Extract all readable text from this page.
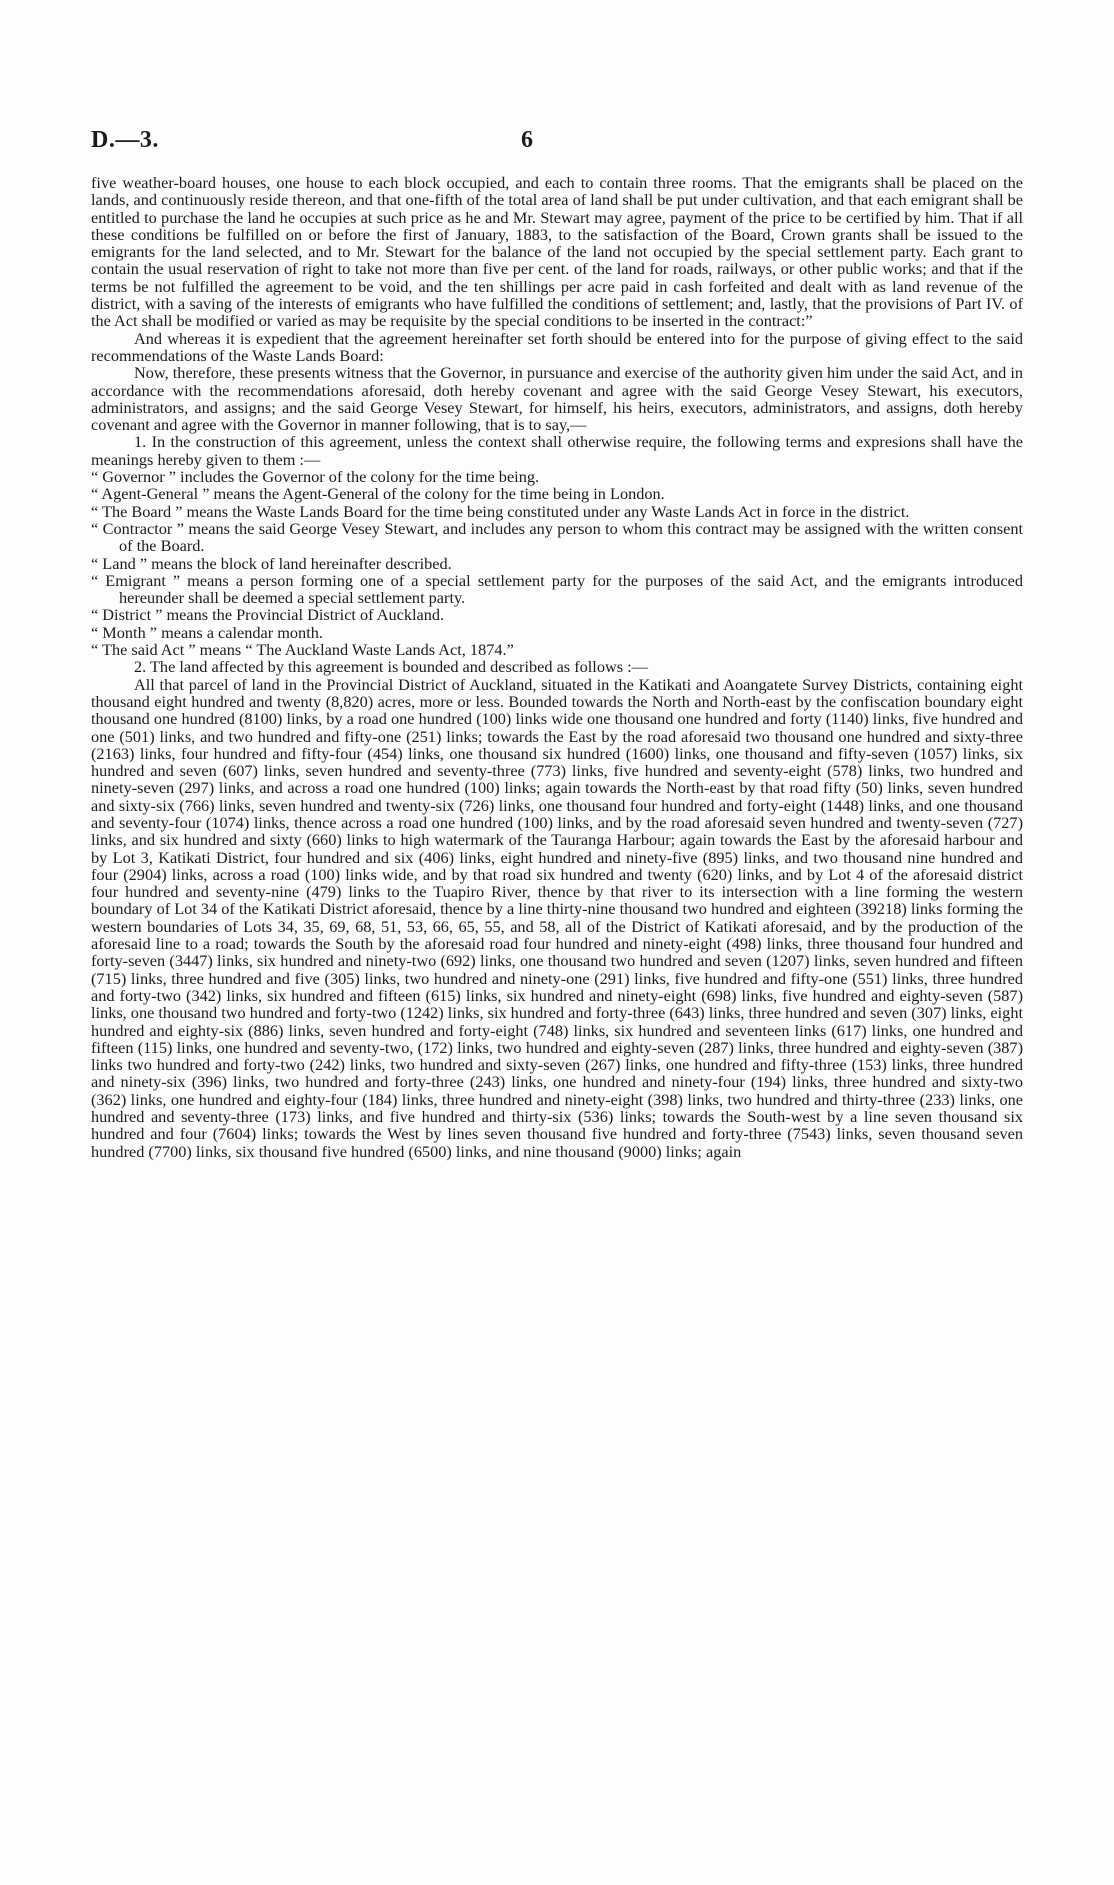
D.—3.	6

five weather-board houses, one house to each block occupied, and each to contain three rooms. That the emigrants shall be placed on the lands, and continuously reside thereon, and that one-fifth of the total area of land shall be put under cultivation, and that each emigrant shall be entitled to purchase the land he occupies at such price as he and Mr. Stewart may agree, payment of the price to be certified by him. That if all these conditions be fulfilled on or before the first of January, 1883, to the satisfaction of the Board, Crown grants shall be issued to the emigrants for the land selected, and to Mr. Stewart for the balance of the land not occupied by the special settlement party. Each grant to contain the usual reservation of right to take not more than five per cent. of the land for roads, railways, or other public works; and that if the terms be not fulfilled the agreement to be void, and the ten shillings per acre paid in cash forfeited and dealt with as land revenue of the district, with a saving of the interests of emigrants who have fulfilled the conditions of settlement; and, lastly, that the provisions of Part IV. of the Act shall be modified or varied as may be requisite by the special conditions to be inserted in the contract:”

And whereas it is expedient that the agreement hereinafter set forth should be entered into for the purpose of giving effect to the said recommendations of the Waste Lands Board:

Now, therefore, these presents witness that the Governor, in pursuance and exercise of the authority given him under the said Act, and in accordance with the recommendations aforesaid, doth hereby covenant and agree with the said George Vesey Stewart, his executors, administrators, and assigns; and the said George Vesey Stewart, for himself, his heirs, executors, administrators, and assigns, doth hereby covenant and agree with the Governor in manner following, that is to say,—

1. In the construction of this agreement, unless the context shall otherwise require, the following terms and expresions shall have the meanings hereby given to them :—

“ Governor ” includes the Governor of the colony for the time being.

“ Agent-General ” means the Agent-General of the colony for the time being in London.

“ The Board ” means the Waste Lands Board for the time being constituted under any Waste Lands Act in force in the district.

“ Contractor ” means the said George Vesey Stewart, and includes any person to whom this contract may be assigned with the written consent of the Board.

“ Land ” means the block of land hereinafter described.

“ Emigrant ” means a person forming one of a special settlement party for the purposes of the said Act, and the emigrants introduced hereunder shall be deemed a special settlement party.

“ District ” means the Provincial District of Auckland.

“ Month ” means a calendar month.

“ The said Act ” means “ The Auckland Waste Lands Act, 1874.”

2. The land affected by this agreement is bounded and described as follows :—

All that parcel of land in the Provincial District of Auckland, situated in the Katikati and Aoangatete Survey Districts, containing eight thousand eight hundred and twenty (8,820) acres, more or less. Bounded towards the North and North-east by the confiscation boundary eight thousand one hundred (8100) links, by a road one hundred (100) links wide one thousand one hundred and forty (1140) links, five hundred and one (501) links, and two hundred and fifty-one (251) links; towards the East by the road aforesaid two thousand one hundred and sixty-three (2163) links, four hundred and fifty-four (454) links, one thousand six hundred (1600) links, one thousand and fifty-seven (1057) links, six hundred and seven (607) links, seven hundred and seventy-three (773) links, five hundred and seventy-eight (578) links, two hundred and ninety-seven (297) links, and across a road one hundred (100) links; again towards the North-east by that road fifty (50) links, seven hundred and sixty-six (766) links, seven hundred and twenty-six (726) links, one thousand four hundred and forty-eight (1448) links, and one thousand and seventy-four (1074) links, thence across a road one hundred (100) links, and by the road aforesaid seven hundred and twenty-seven (727) links, and six hundred and sixty (660) links to high watermark of the Tauranga Harbour; again towards the East by the aforesaid harbour and by Lot 3, Katikati District, four hundred and six (406) links, eight hundred and ninety-five (895) links, and two thousand nine hundred and four (2904) links, across a road (100) links wide, and by that road six hundred and twenty (620) links, and by Lot 4 of the aforesaid district four hundred and seventy-nine (479) links to the Tuapiro River, thence by that river to its intersection with a line forming the western boundary of Lot 34 of the Katikati District aforesaid, thence by a line thirty-nine thousand two hundred and eighteen (39218) links forming the western boundaries of Lots 34, 35, 69, 68, 51, 53, 66, 65, 55, and 58, all of the District of Katikati aforesaid, and by the production of the aforesaid line to a road; towards the South by the aforesaid road four hundred and ninety-eight (498) links, three thousand four hundred and forty-seven (3447) links, six hundred and ninety-two (692) links, one thousand two hundred and seven (1207) links, seven hundred and fifteen (715) links, three hundred and five (305) links, two hundred and ninety-one (291) links, five hundred and fifty-one (551) links, three hundred and forty-two (342) links, six hundred and fifteen (615) links, six hundred and ninety-eight (698) links, five hundred and eighty-seven (587) links, one thousand two hundred and forty-two (1242) links, six hundred and forty-three (643) links, three hundred and seven (307) links, eight hundred and eighty-six (886) links, seven hundred and forty-eight (748) links, six hundred and seventeen links (617) links, one hundred and fifteen (115) links, one hundred and seventy-two, (172) links, two hundred and eighty-seven (287) links, three hundred and eighty-seven (387) links two hundred and forty-two (242) links, two hundred and sixty-seven (267) links, one hundred and fifty-three (153) links, three hundred and ninety-six (396) links, two hundred and forty-three (243) links, one hundred and ninety-four (194) links, three hundred and sixty-two (362) links, one hundred and eighty-four (184) links, three hundred and ninety-eight (398) links, two hundred and thirty-three (233) links, one hundred and seventy-three (173) links, and five hundred and thirty-six (536) links; towards the South-west by a line seven thousand six hundred and four (7604) links; towards the West by lines seven thousand five hundred and forty-three (7543) links, seven thousand seven hundred (7700) links, six thousand five hundred (6500) links, and nine thousand (9000) links; again
